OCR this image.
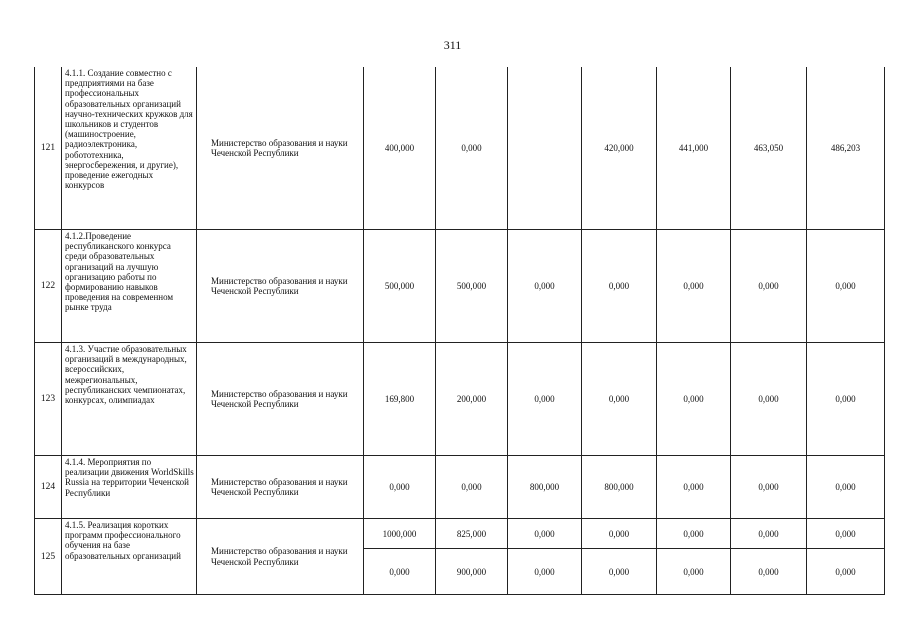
311
121	4.1.1. Создание совместно с предприятиями на базе профессиональных образовательных организаций научно-технических кружков для школьников и студентов (машиностроение, радиоэлектроника, робототехника, энергосбережения, и другие), проведение ежегодных конкурсов	Министерство образования и науки Чеченской Республики	400,000	0,000		420,000	441,000	463,050	486,203
122	4.1.2.Проведение республиканского конкурса среди образовательных организаций на лучшую организацию работы по формированию навыков проведения на современном рынке труда	Министерство образования и науки Чеченской Республики	500,000	500,000	0,000	0,000	0,000	0,000	0,000
123	4.1.3. Участие образовательных организаций в международных, всероссийских, межрегиональных, республиканских чемпионатах, конкурсах, олимпиадах	Министерство образования и науки Чеченской Республики	169,800	200,000	0,000	0,000	0,000	0,000	0,000
124	4.1.4. Мероприятия по реализации движения WorldSkills Russia на территории Чеченской Республики	Министерство образования и науки Чеченской Республики	0,000	0,000	800,000	800,000	0,000	0,000	0,000
125	4.1.5. Реализация коротких программ профессионального обучения на базе образовательных организаций	Министерство образования и науки Чеченской Республики	1000,000	825,000	0,000	0,000	0,000	0,000	0,000
			0,000	900,000	0,000	0,000	0,000	0,000	0,000
